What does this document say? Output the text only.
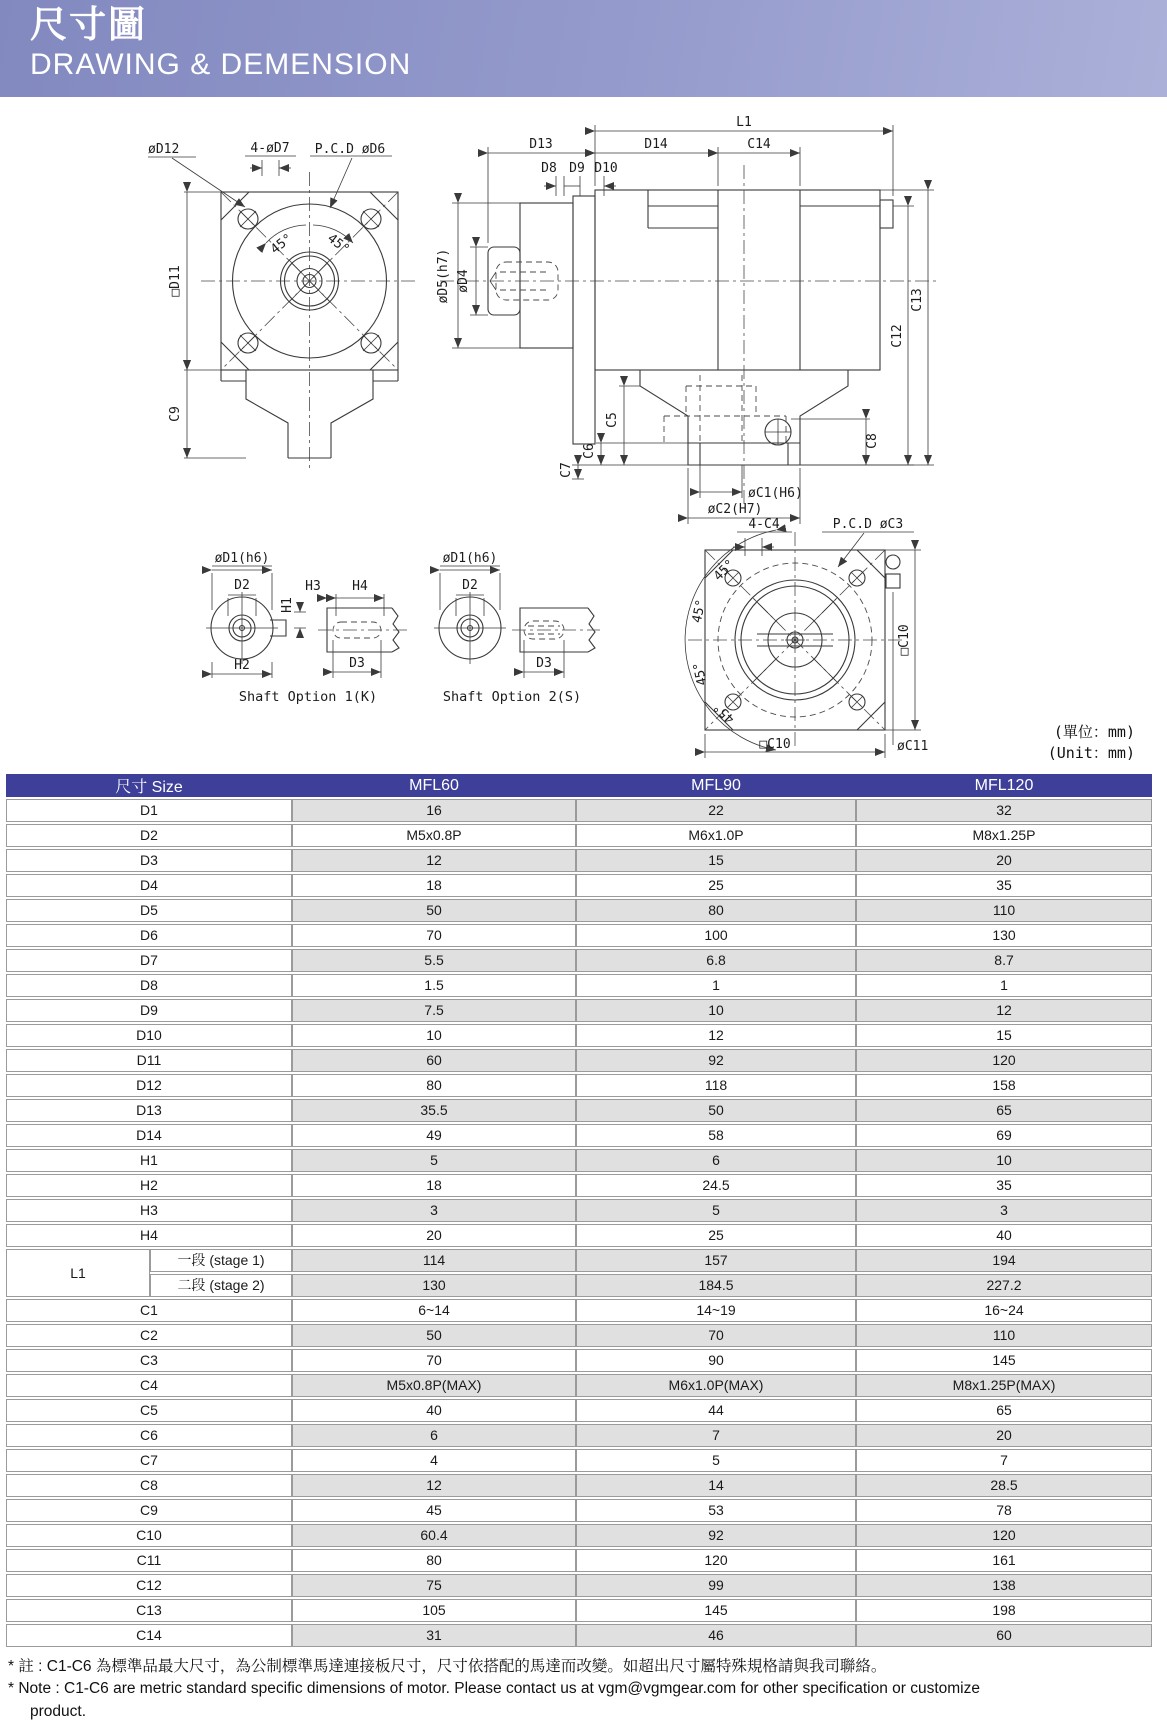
尺寸圖
DRAWING & DEMENSION
45° 45°
øD12	4-øD7 P.C.D øD6
□D11
C9
L1
D13	D14	C14
D8 D9 D10
øD5(h7) øD4
C12
C13
C8
C5
C6
C7
øC1(H6)
øC2(H7)
øD1(h6)
D2
H1
H2
H3 H4
D3
Shaft Option 1(K)
øD1(h6)
D2
D3
Shaft Option 2(S)
45°
45°
45°
45°
4-C4	P.C.D øC3
□C10
□C10	øC11
(單位：mm)
(Unit：mm)
尺寸 Size		MFL60	MFL90	MFL120
D1		16	22	32
D2		M5x0.8P	M6x1.0P	M8x1.25P
D3		12	15	20
D4		18	25	35
D5		50	80	110
D6		70	100	130
D7		5.5	6.8	8.7
D8		1.5	1	1
D9		7.5	10	12
D10		10	12	15
D11		60	92	120
D12		80	118	158
D13		35.5	50	65
D14		49	58	69
H1		5	6	10
H2		18	24.5	35
H3		3	5	3
H4		20	25	40
L1	一段 (stage 1)	114	157	194
	二段 (stage 2)	130	184.5	227.2
C1		6~14	14~19	16~24
C2		50	70	110
C3		70	90	145
C4		M5x0.8P(MAX)	M6x1.0P(MAX)	M8x1.25P(MAX)
C5		40	44	65
C6		6	7	20
C7		4	5	7
C8		12	14	28.5
C9		45	53	78
C10		60.4	92	120
C11		80	120	161
C12		75	99	138
C13		105	145	198
C14		31	46	60
* 註 : C1-C6 為標準品最大尺寸，為公制標準馬達連接板尺寸，尺寸依搭配的馬達而改變。如超出尺寸屬特殊規格請與我司聯絡。
* Note : C1-C6 are metric standard specific dimensions of motor. Please contact us at vgm@vgmgear.com for other specification or customize
product.
